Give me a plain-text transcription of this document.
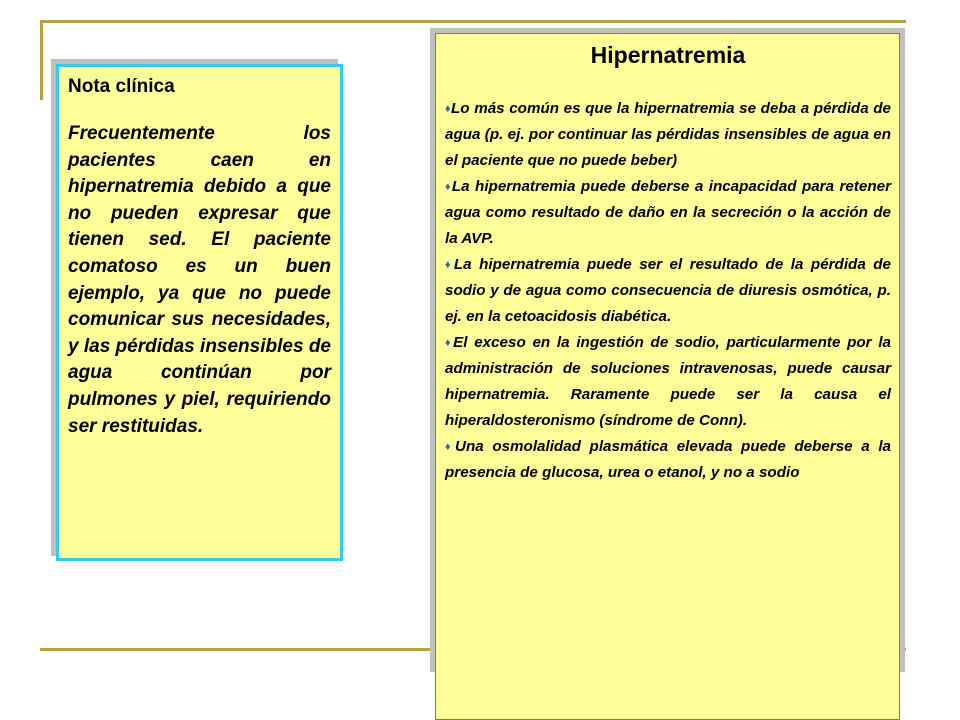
Nota clínica

Frecuentemente los pacientes caen en hipernatremia debido a que no pueden expresar que tienen sed. El paciente comatoso es un buen ejemplo, ya que no puede comunicar sus necesidades, y las pérdidas insensibles de agua continúan por pulmones y piel, requiriendo ser restituidas.

Hipernatremia
♦Lo más común es que la hipernatremia se deba a pérdida de agua (p. ej. por continuar las pérdidas insensibles de agua en el paciente que no puede beber)
♦La hipernatremia puede deberse a incapacidad para retener agua como resultado de daño en la secreción o la acción de la AVP.
♦La hipernatremia puede ser el resultado de la pérdida de sodio y de agua como consecuencia de diuresis osmótica, p. ej. en la cetoacidosis diabética.
♦El exceso en la ingestión de sodio, particularmente por la administración de soluciones intravenosas, puede causar hipernatremia. Raramente puede ser la causa el hiperaldosteronismo (síndrome de Conn).
♦Una osmolalidad plasmática elevada puede deberse a la presencia de glucosa, urea o etanol, y no a sodio
